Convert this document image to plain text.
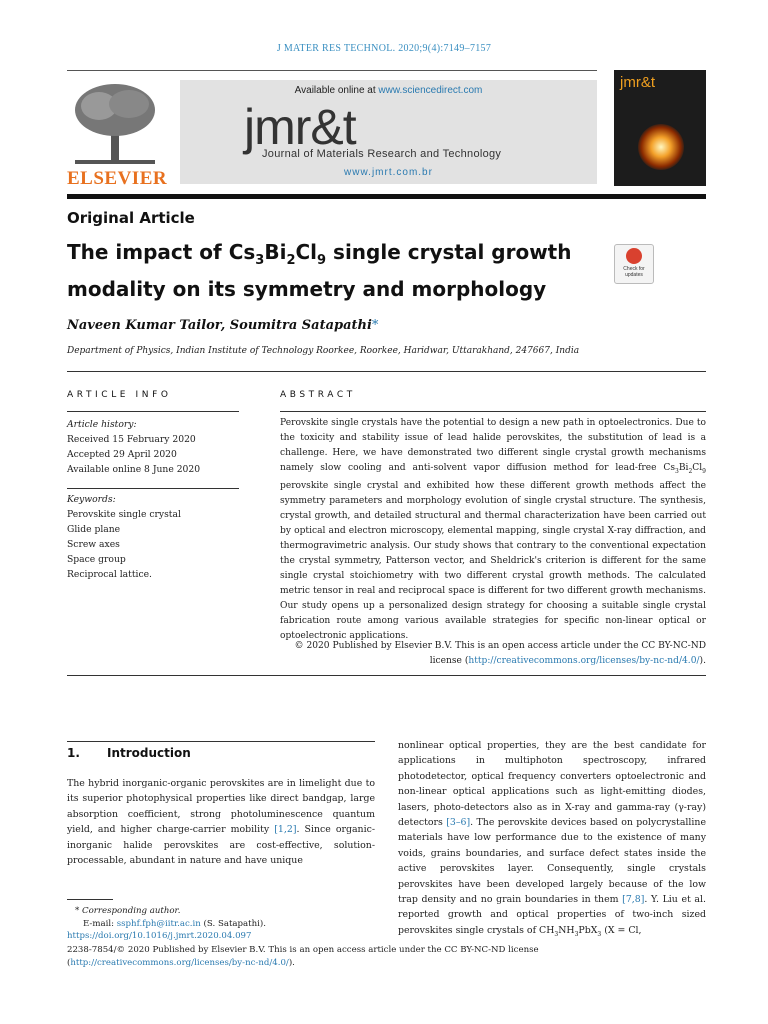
J MATER RES TECHNOL. 2020;9(4):7149–7157
ELSEVIER
Available online at www.sciencedirect.com
jmr&t
Journal of Materials Research and Technology
www.jmrt.com.br
jmr&t
Original Article
The impact of $Cs_3Bi_2Cl_9$ single crystal growth
modality on its symmetry and morphology
Check for updates
Naveen Kumar Tailor, Soumitra Satapathi*
Department of Physics, Indian Institute of Technology Roorkee, Roorkee, Haridwar, Uttarakhand, 247667, India
ARTICLE INFO	ABSTRACT
Article history:
Received 15 February 2020
Accepted 29 April 2020
Available online 8 June 2020
Keywords:
Perovskite single crystal
Glide plane
Screw axes
Space group
Reciprocal lattice.
Perovskite single crystals have the potential to design a new path in optoelectronics. Due to the toxicity and stability issue of lead halide perovskites, the substitution of lead is a challenge. Here, we have demonstrated two different single crystal growth mechanisms namely slow cooling and anti-solvent vapor diffusion method for lead-free $Cs_3Bi_2Cl_9$ perovskite single crystal and exhibited how these different growth methods affect the symmetry parameters and morphology evolution of single crystal structure. The synthesis, crystal growth, and detailed structural and thermal characterization have been carried out by optical and electron microscopy, elemental mapping, single crystal X-ray diffraction, and thermogravimetric analysis. Our study shows that contrary to the conventional expectation the crystal symmetry, Patterson vector, and Sheldrick's criterion is different for the same single crystal stoichiometry with two different crystal growth methods. The calculated metric tensor in real and reciprocal space is different for two different growth mechanisms. Our study opens up a personalized design strategy for choosing a suitable single crystal fabrication route among various available strategies for specific non-linear optical or optoelectronic applications.
© 2020 Published by Elsevier B.V. This is an open access article under the CC BY-NC-ND license (http://creativecommons.org/licenses/by-nc-nd/4.0/).
1. Introduction
The hybrid inorganic-organic perovskites are in limelight due to its superior photophysical properties like direct bandgap, large absorption coefficient, strong photoluminescence quantum yield, and higher charge-carrier mobility [1,2]. Since organic-inorganic halide perovskites are cost-effective, solution-processable, abundant in nature and have unique
nonlinear optical properties, they are the best candidate for applications in multiphoton spectroscopy, infrared photodetector, optical frequency converters optoelectronic and non-linear optical applications such as light-emitting diodes, lasers, photo-detectors also as in X-ray and gamma-ray (γ-ray) detectors [3–6]. The perovskite devices based on polycrystalline materials have low performance due to the existence of many voids, grains boundaries, and surface defect states inside the active perovskites layer. Consequently, single crystals perovskites have been developed largely because of the low trap density and no grain boundaries in them [7,8]. Y. Liu et al. reported growth and optical properties of two-inch sized perovskites single crystals of $CH_3NH_3PbX_3$ (X = Cl,
* Corresponding author.
E-mail: ssphf.fph@iitr.ac.in (S. Satapathi).
https://doi.org/10.1016/j.jmrt.2020.04.097
2238-7854/© 2020 Published by Elsevier B.V. This is an open access article under the CC BY-NC-ND license (http://creativecommons.org/licenses/by-nc-nd/4.0/).
